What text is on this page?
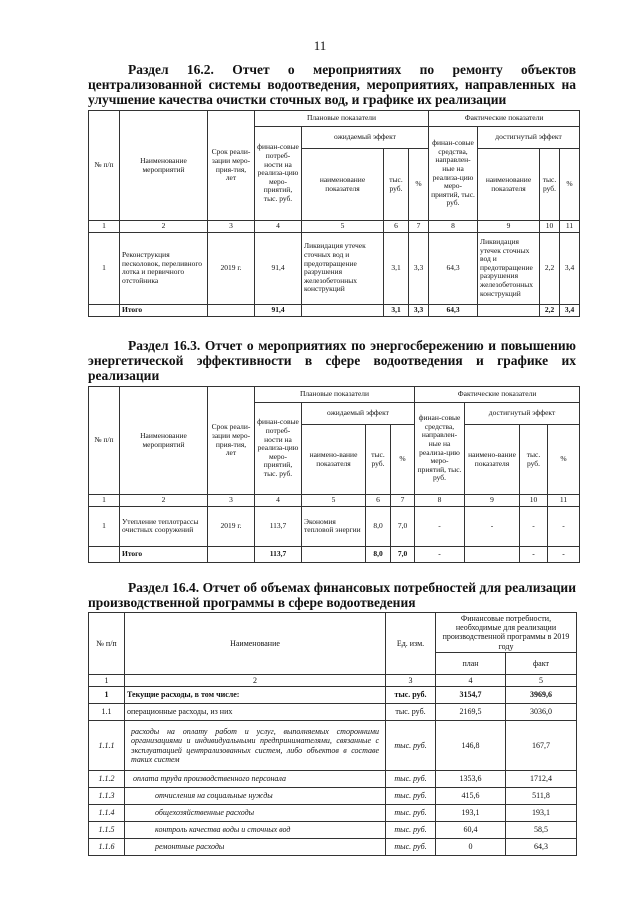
11
Раздел 16.2. Отчет о мероприятиях по ремонту объектов централизованной системы водоотведения, мероприятиях, направленных на улучшение качества очистки сточных вод, и графике их реализации
№ п/п	Наименование мероприятий	Срок реали-зации меро-прия-тия, лет	Плановые показатели				Фактические показатели			
			финан-совые потреб-ности на реализа-цию меро-приятий, тыс. руб.	ожидаемый эффект			финан-совые средства, направлен-ные на реализа-цию меро-приятий, тыс. руб.	достигнутый эффект		
				наименование показателя	тыс. руб.	%		наименование показателя	тыс. руб.	%
1	2	3	4	5	6	7	8	9	10	11
1	Реконструкция песколовок, переливного лотка и первичного отстойника	2019 г.	91,4	Ликвидация утечек сточных вод и предотвращение разрушения железобетонных конструкций	3,1	3,3	64,3	Ликвидация утечек сточных вод и предотвращение разрушения железобетонных конструкций	2,2	3,4
	Итого		91,4		3,1	3,3	64,3		2,2	3,4
Раздел 16.3. Отчет о мероприятиях по энергосбережению и повышению энергетической эффективности в сфере водоотведения и графике их реализации
№ п/п	Наименование мероприятий	Срок реали-зации меро-прия-тия, лет	Плановые показатели				Фактические показатели			
			финан-совые потреб-ности на реализа-цию меро-приятий, тыс. руб.	ожидаемый эффект			финан-совые средства, направлен-ные на реализа-цию меро-приятий, тыс. руб.	достигнутый эффект		
				наимено-вание показателя	тыс. руб.	%		наимено-вание показателя	тыс. руб.	%
1	2	3	4	5	6	7	8	9	10	11
1	Утепление теплотрассы очистных сооружений	2019 г.	113,7	Экономия тепловой энергии	8,0	7,0	-	-	-	-
	Итого		113,7		8,0	7,0	-		-	-
Раздел 16.4. Отчет об объемах финансовых потребностей для реализации производственной программы в сфере водоотведения
№ п/п	Наименование	Ед. изм.	Финансовые потребности, необходимые для реализации производственной программы в 2019 году	
			план	факт
1	2	3	4	5
1	Текущие расходы, в том числе:	тыс. руб.	3154,7	3969,6
1.1	операционные расходы, из них	тыс. руб.	2169,5	3036,0
1.1.1	расходы на оплату работ и услуг, выполняемых сторонними организациями и индивидуальными предпринимателями, связанные с эксплуатацией централизованных систем, либо объектов в составе таких систем	тыс. руб.	146,8	167,7
1.1.2	оплата труда производственного персонала	тыс. руб.	1353,6	1712,4
1.1.3	отчисления на социальные нужды	тыс. руб.	415,6	511,8
1.1.4	общехозяйственные расходы	тыс. руб.	193,1	193,1
1.1.5	контроль качества воды и сточных вод	тыс. руб.	60,4	58,5
1.1.6	ремонтные расходы	тыс. руб.	0	64,3
